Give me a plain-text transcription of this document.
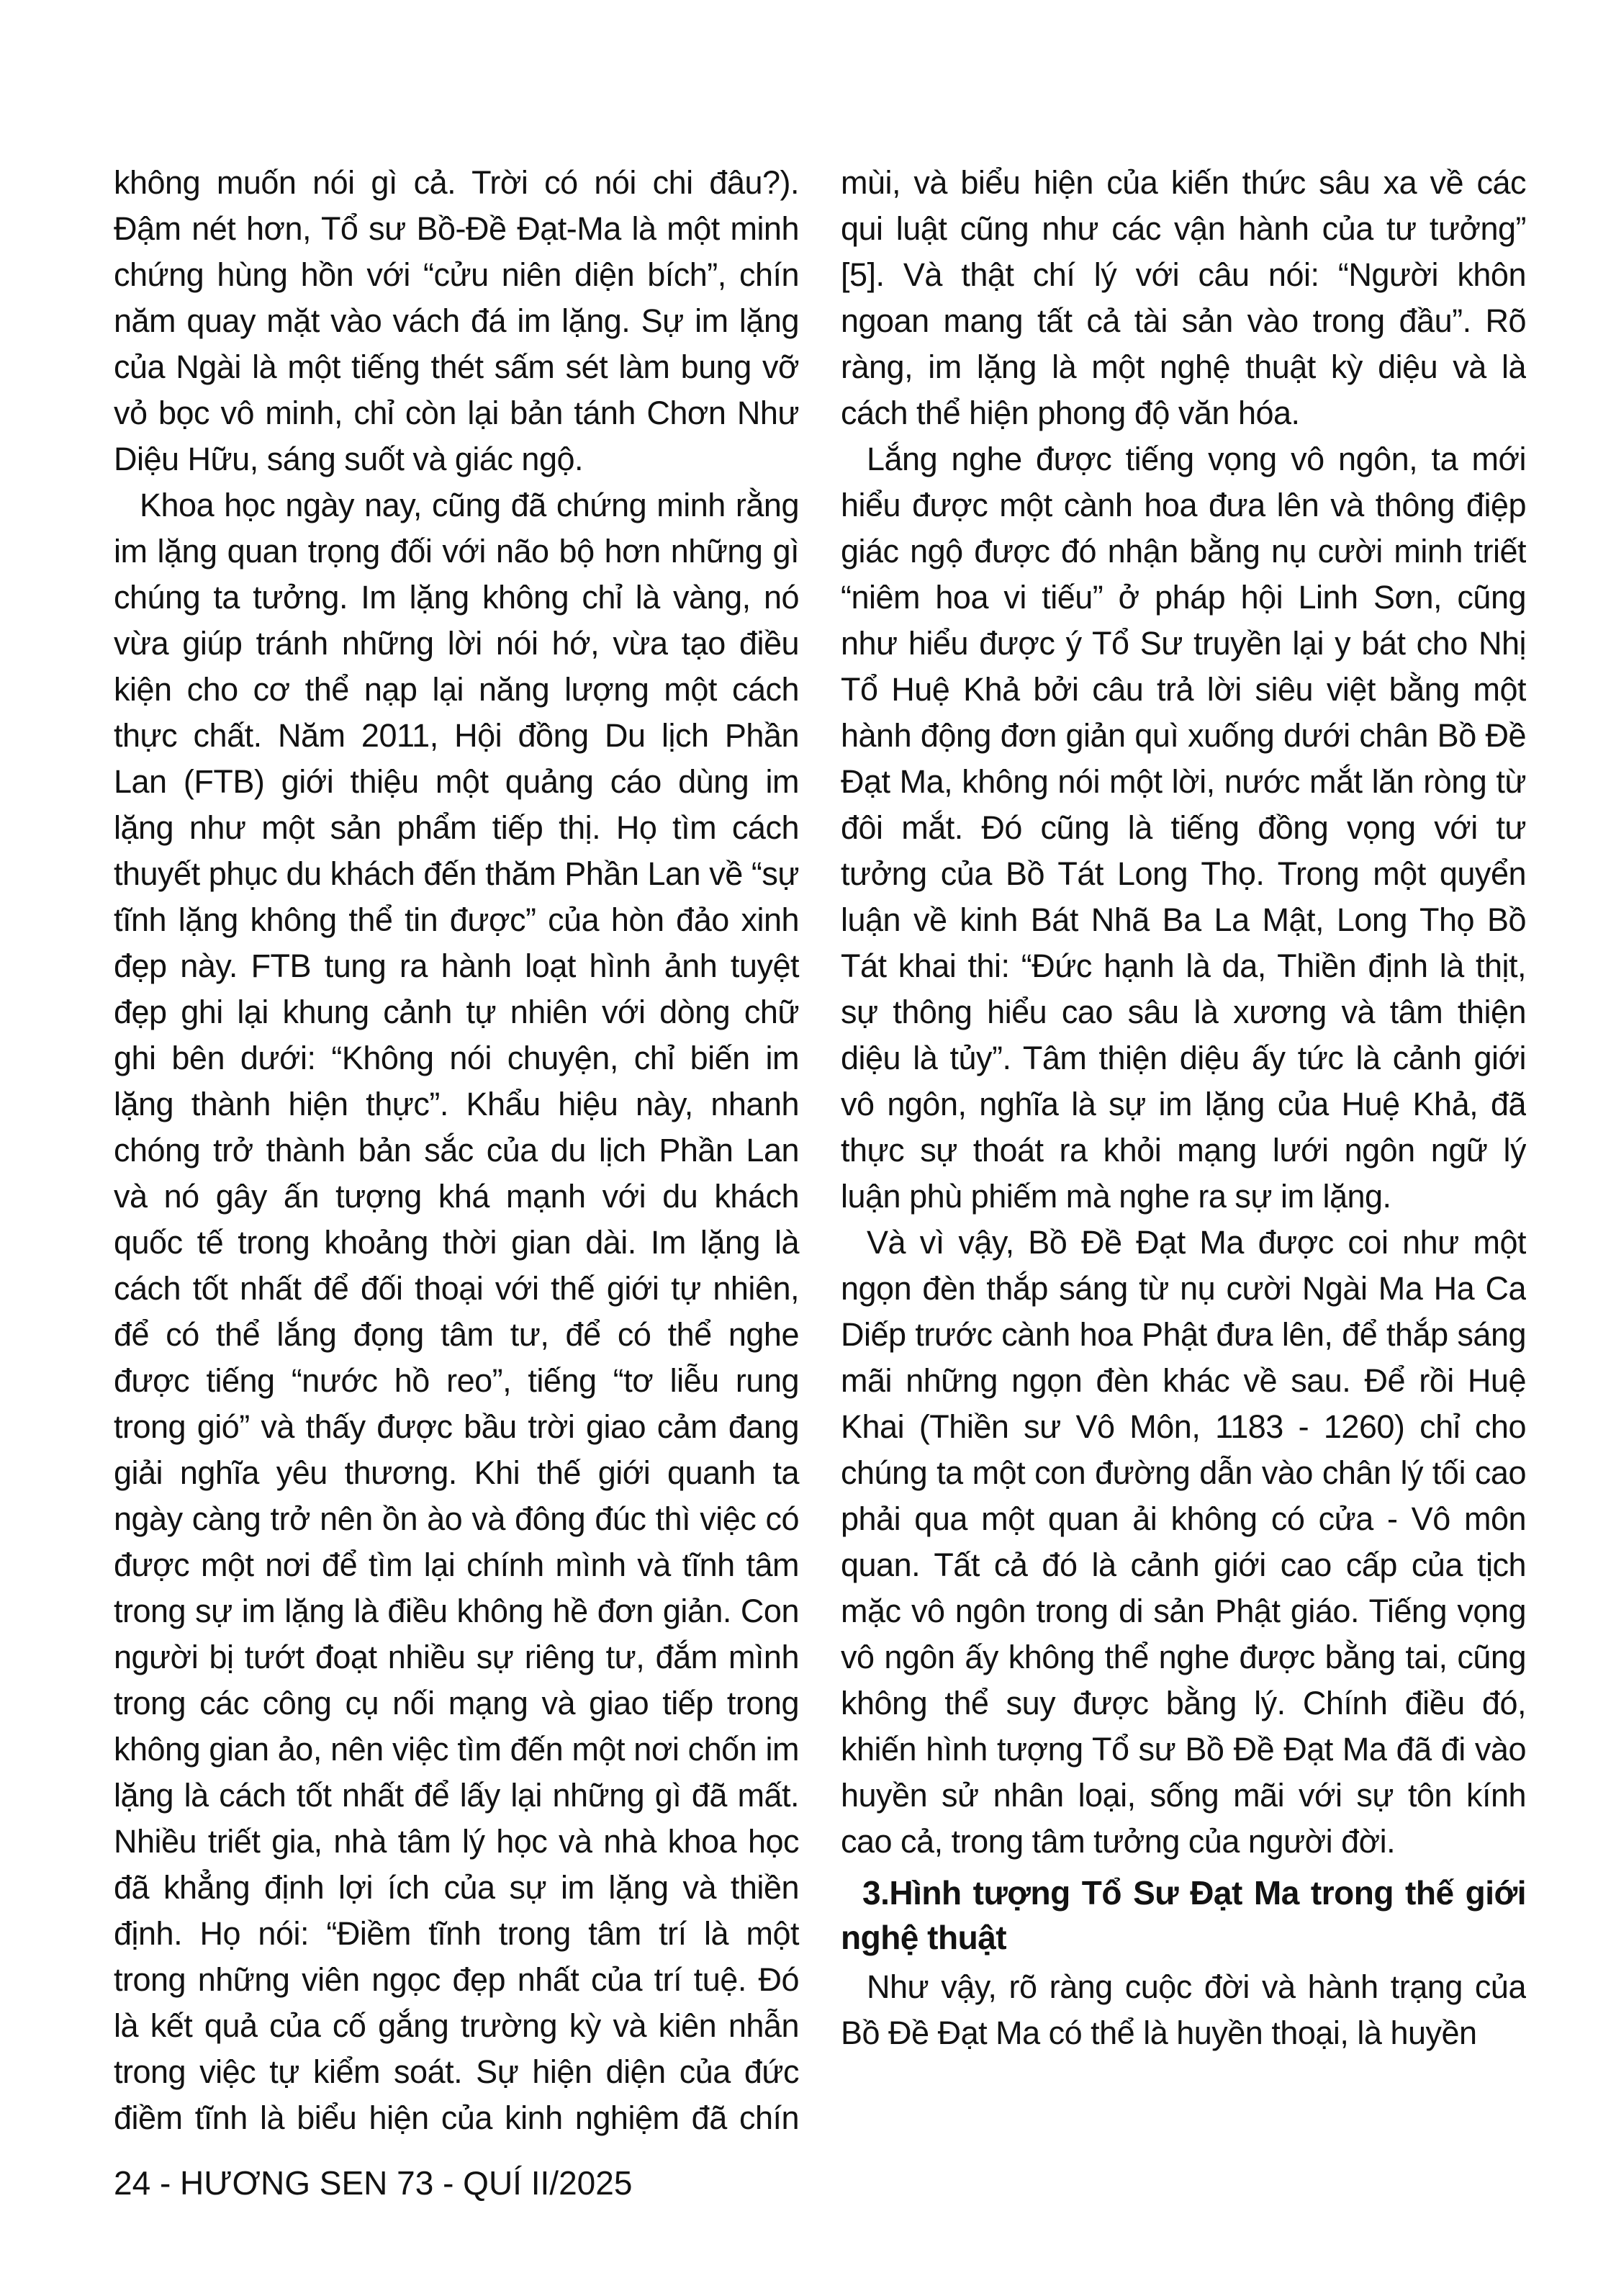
không muốn nói gì cả. Trời có nói chi đâu?). Đậm nét hơn, Tổ sư Bồ-Đề Đạt-Ma là một minh chứng hùng hồn với “cửu niên diện bích”, chín năm quay mặt vào vách đá im lặng. Sự im lặng của Ngài là một tiếng thét sấm sét làm bung vỡ vỏ bọc vô minh, chỉ còn lại bản tánh Chơn Như Diệu Hữu, sáng suốt và giác ngộ.

Khoa học ngày nay, cũng đã chứng minh rằng im lặng quan trọng đối với não bộ hơn những gì chúng ta tưởng. Im lặng không chỉ là vàng, nó vừa giúp tránh những lời nói hớ, vừa tạo điều kiện cho cơ thể nạp lại năng lượng một cách thực chất. Năm 2011, Hội đồng Du lịch Phần Lan (FTB) giới thiệu một quảng cáo dùng im lặng như một sản phẩm tiếp thị. Họ tìm cách thuyết phục du khách đến thăm Phần Lan về “sự tĩnh lặng không thể tin được” của hòn đảo xinh đẹp này. FTB tung ra hành loạt hình ảnh tuyệt đẹp ghi lại khung cảnh tự nhiên với dòng chữ ghi bên dưới: “Không nói chuyện, chỉ biến im lặng thành hiện thực”. Khẩu hiệu này, nhanh chóng trở thành bản sắc của du lịch Phần Lan và nó gây ấn tượng khá mạnh với du khách quốc tế trong khoảng thời gian dài. Im lặng là cách tốt nhất để đối thoại với thế giới tự nhiên, để có thể lắng đọng tâm tư, để có thể nghe được tiếng “nước hồ reo”, tiếng “tơ liễu rung trong gió” và thấy được bầu trời giao cảm đang giải nghĩa yêu thương. Khi thế giới quanh ta ngày càng trở nên ồn ào và đông đúc thì việc có được một nơi để tìm lại chính mình và tĩnh tâm trong sự im lặng là điều không hề đơn giản. Con người bị tướt đoạt nhiều sự riêng tư, đắm mình trong các công cụ nối mạng và giao tiếp trong không gian ảo, nên việc tìm đến một nơi chốn im lặng là cách tốt nhất để lấy lại những gì đã mất. Nhiều triết gia, nhà tâm lý học và nhà khoa học đã khẳng định lợi ích của sự im lặng và thiền định. Họ nói: “Điềm tĩnh trong tâm trí là một trong những viên ngọc đẹp nhất của trí tuệ. Đó là kết quả của cố gắng trường kỳ và kiên nhẫn trong việc tự kiểm soát. Sự hiện diện của đức điềm tĩnh là biểu hiện của kinh nghiệm đã chín mùi, và biểu hiện của kiến thức sâu xa về các qui luật cũng như các vận hành của tư tưởng” [5]. Và thật chí lý với câu nói: “Người khôn ngoan mang tất cả tài sản vào trong đầu”. Rõ ràng, im lặng là một nghệ thuật kỳ diệu và là cách thể hiện phong độ văn hóa.

Lắng nghe được tiếng vọng vô ngôn, ta mới hiểu được một cành hoa đưa lên và thông điệp giác ngộ được đó nhận bằng nụ cười minh triết “niêm hoa vi tiếu” ở pháp hội Linh Sơn, cũng như hiểu được ý Tổ Sư truyền lại y bát cho Nhị Tổ Huệ Khả bởi câu trả lời siêu việt bằng một hành động đơn giản quì xuống dưới chân Bồ Đề Đạt Ma, không nói một lời, nước mắt lăn ròng từ đôi mắt. Đó cũng là tiếng đồng vọng với tư tưởng của Bồ Tát Long Thọ. Trong một quyển luận về kinh Bát Nhã Ba La Mật, Long Thọ Bồ Tát khai thi: “Đức hạnh là da, Thiền định là thịt, sự thông hiểu cao sâu là xương và tâm thiện diệu là tủy”. Tâm thiện diệu ấy tức là cảnh giới vô ngôn, nghĩa là sự im lặng của Huệ Khả, đã thực sự thoát ra khỏi mạng lưới ngôn ngữ lý luận phù phiếm mà nghe ra sự im lặng.

Và vì vậy, Bồ Đề Đạt Ma được coi như một ngọn đèn thắp sáng từ nụ cười Ngài Ma Ha Ca Diếp trước cành hoa Phật đưa lên, để thắp sáng mãi những ngọn đèn khác về sau. Để rồi Huệ Khai (Thiền sư Vô Môn, 1183 - 1260) chỉ cho chúng ta một con đường dẫn vào chân lý tối cao phải qua một quan ải không có cửa - Vô môn quan. Tất cả đó là cảnh giới cao cấp của tịch mặc vô ngôn trong di sản Phật giáo. Tiếng vọng vô ngôn ấy không thể nghe được bằng tai, cũng không thể suy được bằng lý. Chính điều đó, khiến hình tượng Tổ sư Bồ Đề Đạt Ma đã đi vào huyền sử nhân loại, sống mãi với sự tôn kính cao cả, trong tâm tưởng của người đời.

3.Hình tượng Tổ Sư Đạt Ma trong thế giới nghệ thuật

Như vậy, rõ ràng cuộc đời và hành trạng của Bồ Đề Đạt Ma có thể là huyền thoại, là huyền

24 - HƯƠNG SEN 73 - QUÍ II/2025
